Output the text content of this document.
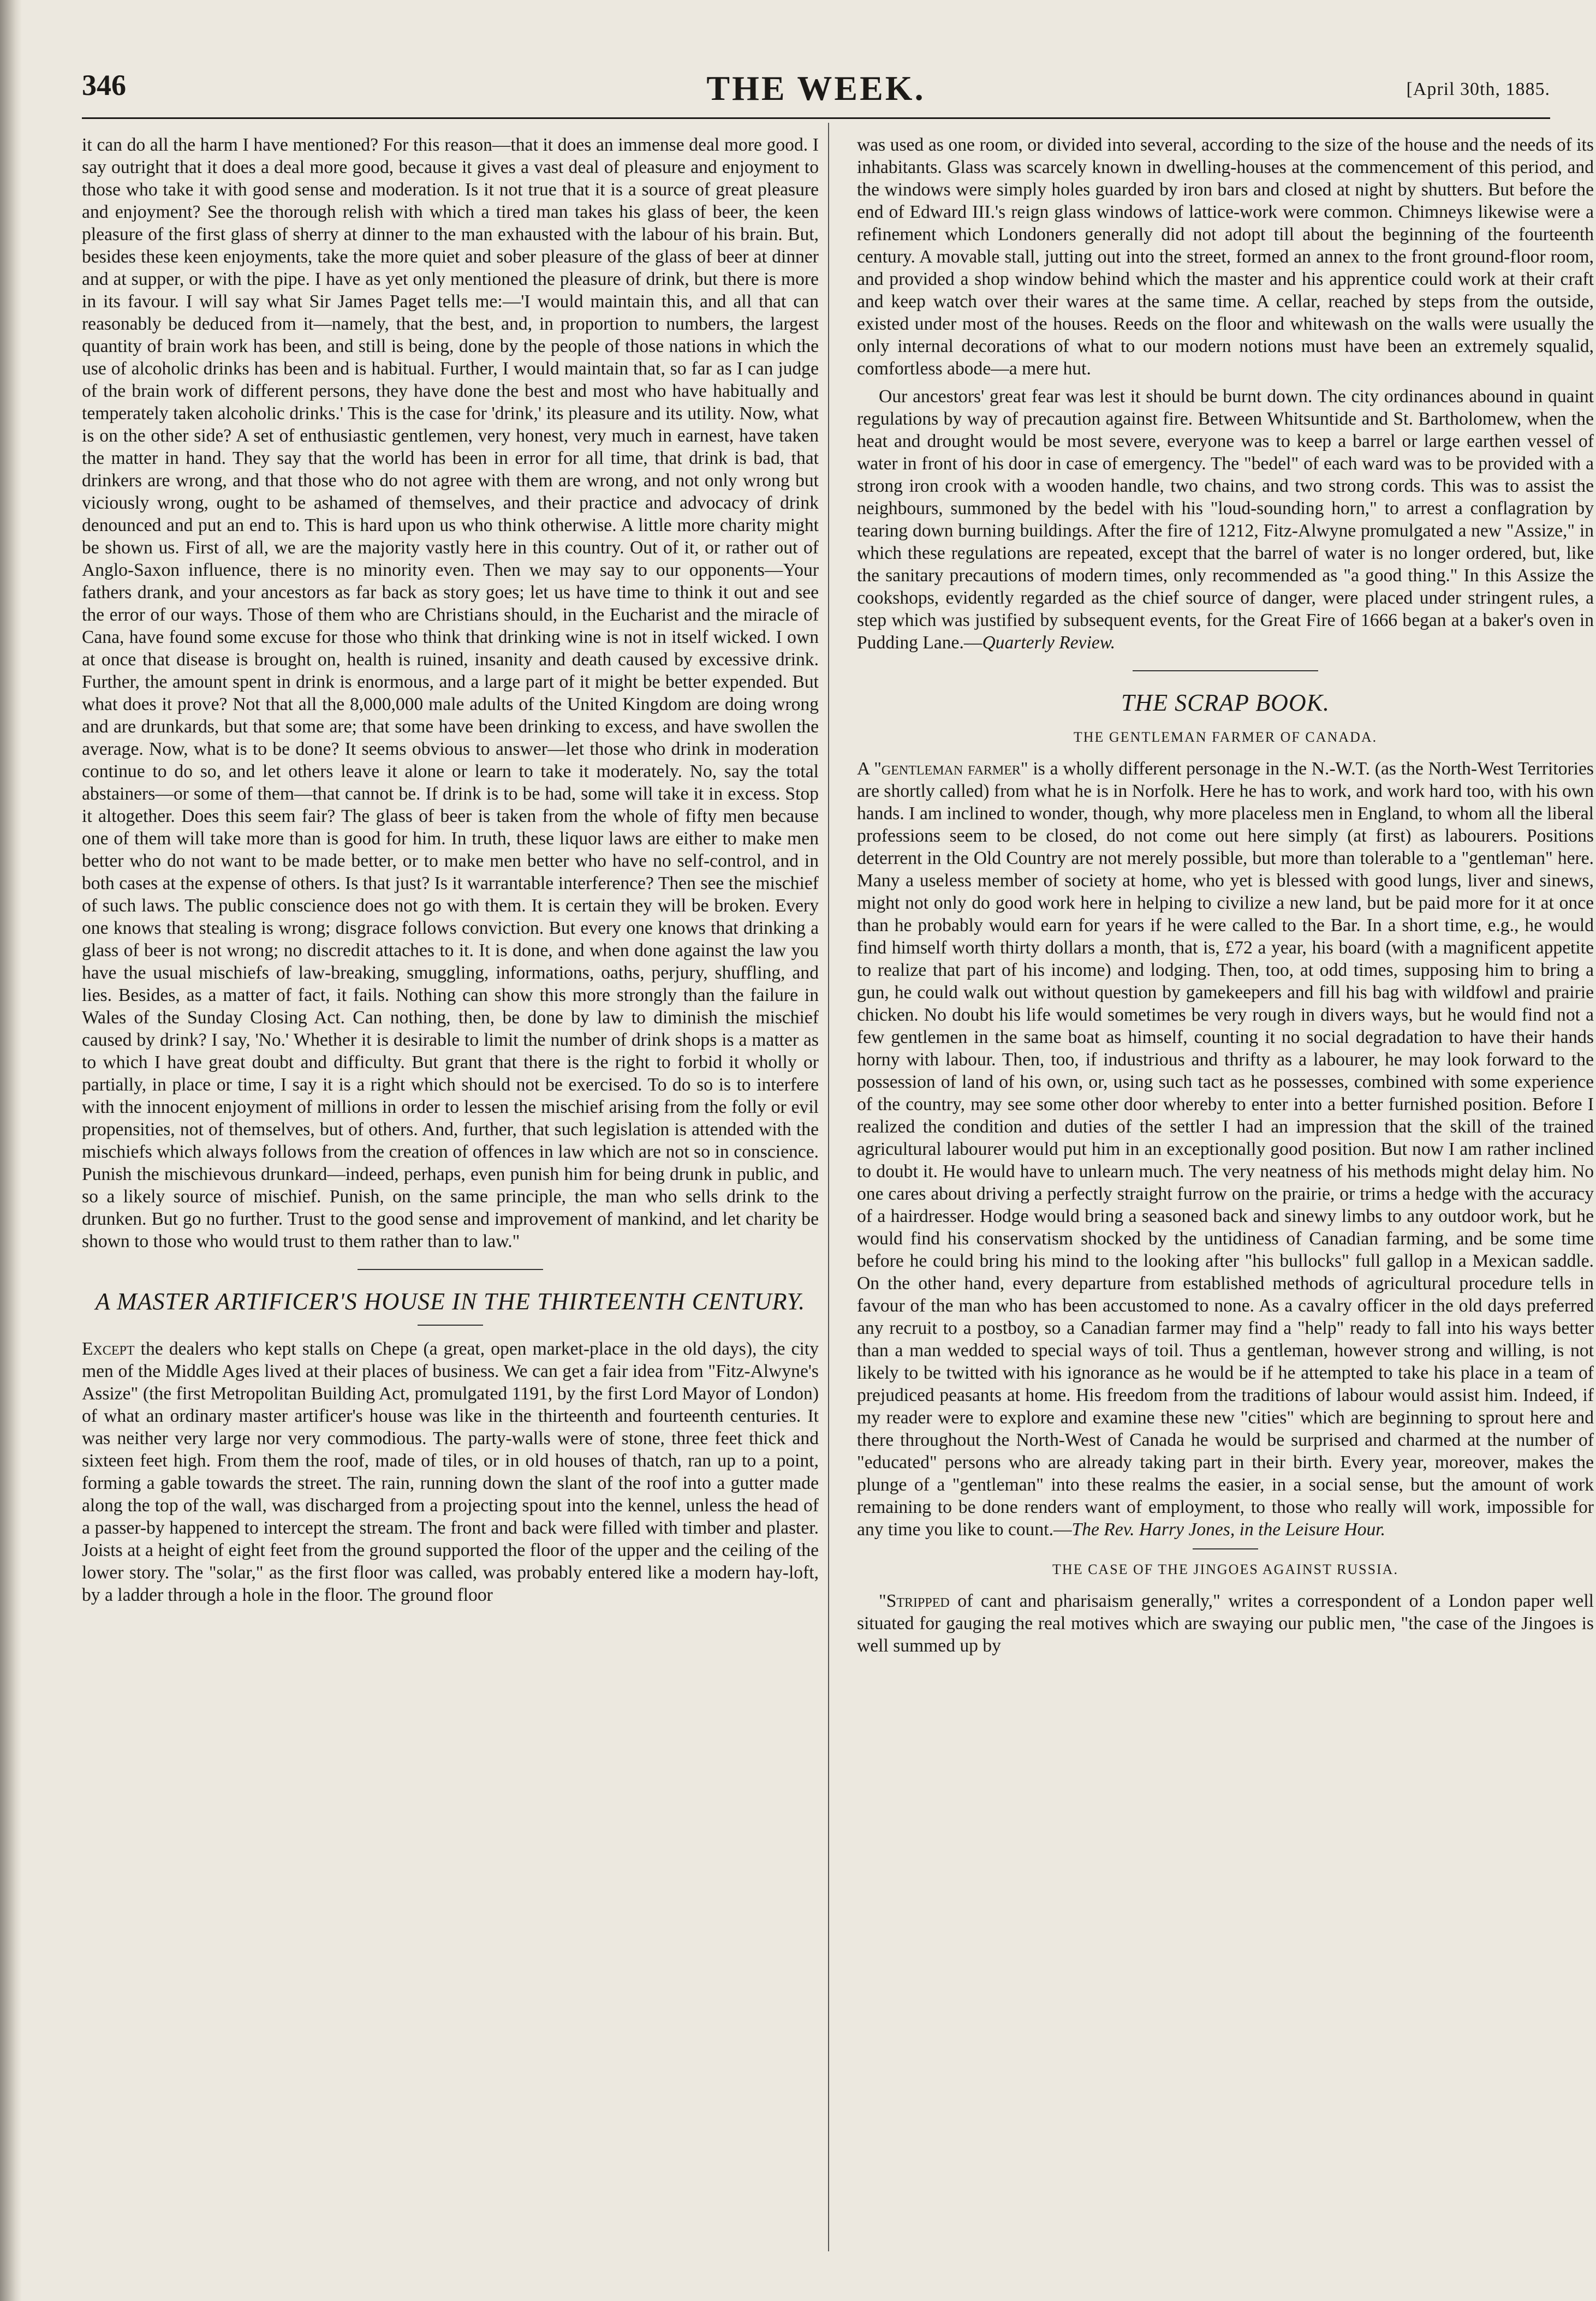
346	THE WEEK.	[April 30th, 1885.

it can do all the harm I have mentioned? For this reason—that it does an immense deal more good. I say outright that it does a deal more good, because it gives a vast deal of pleasure and enjoyment to those who take it with good sense and moderation. Is it not true that it is a source of great pleasure and enjoyment? See the thorough relish with which a tired man takes his glass of beer, the keen pleasure of the first glass of sherry at dinner to the man exhausted with the labour of his brain. But, besides these keen enjoyments, take the more quiet and sober pleasure of the glass of beer at dinner and at supper, or with the pipe. I have as yet only mentioned the pleasure of drink, but there is more in its favour. I will say what Sir James Paget tells me:—'I would maintain this, and all that can reasonably be deduced from it—namely, that the best, and, in proportion to numbers, the largest quantity of brain work has been, and still is being, done by the people of those nations in which the use of alcoholic drinks has been and is habitual. Further, I would maintain that, so far as I can judge of the brain work of different persons, they have done the best and most who have habitually and temperately taken alcoholic drinks.' This is the case for 'drink,' its pleasure and its utility. Now, what is on the other side? A set of enthusiastic gentlemen, very honest, very much in earnest, have taken the matter in hand. They say that the world has been in error for all time, that drink is bad, that drinkers are wrong, and that those who do not agree with them are wrong, and not only wrong but viciously wrong, ought to be ashamed of themselves, and their practice and advocacy of drink denounced and put an end to. This is hard upon us who think otherwise. A little more charity might be shown us. First of all, we are the majority vastly here in this country. Out of it, or rather out of Anglo-Saxon influence, there is no minority even. Then we may say to our opponents—Your fathers drank, and your ancestors as far back as story goes; let us have time to think it out and see the error of our ways. Those of them who are Christians should, in the Eucharist and the miracle of Cana, have found some excuse for those who think that drinking wine is not in itself wicked. I own at once that disease is brought on, health is ruined, insanity and death caused by excessive drink. Further, the amount spent in drink is enormous, and a large part of it might be better expended. But what does it prove? Not that all the 8,000,000 male adults of the United Kingdom are doing wrong and are drunkards, but that some are; that some have been drinking to excess, and have swollen the average. Now, what is to be done? It seems obvious to answer—let those who drink in moderation continue to do so, and let others leave it alone or learn to take it moderately. No, say the total abstainers—or some of them—that cannot be. If drink is to be had, some will take it in excess. Stop it altogether. Does this seem fair? The glass of beer is taken from the whole of fifty men because one of them will take more than is good for him. In truth, these liquor laws are either to make men better who do not want to be made better, or to make men better who have no self-control, and in both cases at the expense of others. Is that just? Is it warrantable interference? Then see the mischief of such laws. The public conscience does not go with them. It is certain they will be broken. Every one knows that stealing is wrong; disgrace follows conviction. But every one knows that drinking a glass of beer is not wrong; no discredit attaches to it. It is done, and when done against the law you have the usual mischiefs of law-breaking, smuggling, informations, oaths, perjury, shuffling, and lies. Besides, as a matter of fact, it fails. Nothing can show this more strongly than the failure in Wales of the Sunday Closing Act. Can nothing, then, be done by law to diminish the mischief caused by drink? I say, 'No.' Whether it is desirable to limit the number of drink shops is a matter as to which I have great doubt and difficulty. But grant that there is the right to forbid it wholly or partially, in place or time, I say it is a right which should not be exercised. To do so is to interfere with the innocent enjoyment of millions in order to lessen the mischief arising from the folly or evil propensities, not of themselves, but of others. And, further, that such legislation is attended with the mischiefs which always follows from the creation of offences in law which are not so in conscience. Punish the mischievous drunkard—indeed, perhaps, even punish him for being drunk in public, and so a likely source of mischief. Punish, on the same principle, the man who sells drink to the drunken. But go no further. Trust to the good sense and improvement of mankind, and let charity be shown to those who would trust to them rather than to law."

A MASTER ARTIFICER'S HOUSE IN THE THIRTEENTH CENTURY.

Except the dealers who kept stalls on Chepe (a great, open market-place in the old days), the city men of the Middle Ages lived at their places of business. We can get a fair idea from "Fitz-Alwyne's Assize" (the first Metropolitan Building Act, promulgated 1191, by the first Lord Mayor of London) of what an ordinary master artificer's house was like in the thirteenth and fourteenth centuries. It was neither very large nor very commodious. The party-walls were of stone, three feet thick and sixteen feet high. From them the roof, made of tiles, or in old houses of thatch, ran up to a point, forming a gable towards the street. The rain, running down the slant of the roof into a gutter made along the top of the wall, was discharged from a projecting spout into the kennel, unless the head of a passer-by happened to intercept the stream. The front and back were filled with timber and plaster. Joists at a height of eight feet from the ground supported the floor of the upper and the ceiling of the lower story. The "solar," as the first floor was called, was probably entered like a modern hay-loft, by a ladder through a hole in the floor. The ground floor

was used as one room, or divided into several, according to the size of the house and the needs of its inhabitants. Glass was scarcely known in dwelling-houses at the commencement of this period, and the windows were simply holes guarded by iron bars and closed at night by shutters. But before the end of Edward III.'s reign glass windows of lattice-work were common. Chimneys likewise were a refinement which Londoners generally did not adopt till about the beginning of the fourteenth century. A movable stall, jutting out into the street, formed an annex to the front ground-floor room, and provided a shop window behind which the master and his apprentice could work at their craft and keep watch over their wares at the same time. A cellar, reached by steps from the outside, existed under most of the houses. Reeds on the floor and whitewash on the walls were usually the only internal decorations of what to our modern notions must have been an extremely squalid, comfortless abode—a mere hut.

Our ancestors' great fear was lest it should be burnt down. The city ordinances abound in quaint regulations by way of precaution against fire. Between Whitsuntide and St. Bartholomew, when the heat and drought would be most severe, everyone was to keep a barrel or large earthen vessel of water in front of his door in case of emergency. The "bedel" of each ward was to be provided with a strong iron crook with a wooden handle, two chains, and two strong cords. This was to assist the neighbours, summoned by the bedel with his "loud-sounding horn," to arrest a conflagration by tearing down burning buildings. After the fire of 1212, Fitz-Alwyne promulgated a new "Assize," in which these regulations are repeated, except that the barrel of water is no longer ordered, but, like the sanitary precautions of modern times, only recommended as "a good thing." In this Assize the cookshops, evidently regarded as the chief source of danger, were placed under stringent rules, a step which was justified by subsequent events, for the Great Fire of 1666 began at a baker's oven in Pudding Lane.—Quarterly Review.

THE SCRAP BOOK.
THE GENTLEMAN FARMER OF CANADA.

A "gentleman farmer" is a wholly different personage in the N.-W.T. (as the North-West Territories are shortly called) from what he is in Norfolk. Here he has to work, and work hard too, with his own hands. I am inclined to wonder, though, why more placeless men in England, to whom all the liberal professions seem to be closed, do not come out here simply (at first) as labourers. Positions deterrent in the Old Country are not merely possible, but more than tolerable to a "gentleman" here. Many a useless member of society at home, who yet is blessed with good lungs, liver and sinews, might not only do good work here in helping to civilize a new land, but be paid more for it at once than he probably would earn for years if he were called to the Bar. In a short time, e.g., he would find himself worth thirty dollars a month, that is, £72 a year, his board (with a magnificent appetite to realize that part of his income) and lodging. Then, too, at odd times, supposing him to bring a gun, he could walk out without question by gamekeepers and fill his bag with wildfowl and prairie chicken. No doubt his life would sometimes be very rough in divers ways, but he would find not a few gentlemen in the same boat as himself, counting it no social degradation to have their hands horny with labour. Then, too, if industrious and thrifty as a labourer, he may look forward to the possession of land of his own, or, using such tact as he possesses, combined with some experience of the country, may see some other door whereby to enter into a better furnished position. Before I realized the condition and duties of the settler I had an impression that the skill of the trained agricultural labourer would put him in an exceptionally good position. But now I am rather inclined to doubt it. He would have to unlearn much. The very neatness of his methods might delay him. No one cares about driving a perfectly straight furrow on the prairie, or trims a hedge with the accuracy of a hairdresser. Hodge would bring a seasoned back and sinewy limbs to any outdoor work, but he would find his conservatism shocked by the untidiness of Canadian farming, and be some time before he could bring his mind to the looking after "his bullocks" full gallop in a Mexican saddle. On the other hand, every departure from established methods of agricultural procedure tells in favour of the man who has been accustomed to none. As a cavalry officer in the old days preferred any recruit to a postboy, so a Canadian farmer may find a "help" ready to fall into his ways better than a man wedded to special ways of toil. Thus a gentleman, however strong and willing, is not likely to be twitted with his ignorance as he would be if he attempted to take his place in a team of prejudiced peasants at home. His freedom from the traditions of labour would assist him. Indeed, if my reader were to explore and examine these new "cities" which are beginning to sprout here and there throughout the North-West of Canada he would be surprised and charmed at the number of "educated" persons who are already taking part in their birth. Every year, moreover, makes the plunge of a "gentleman" into these realms the easier, in a social sense, but the amount of work remaining to be done renders want of employment, to those who really will work, impossible for any time you like to count.—The Rev. Harry Jones, in the Leisure Hour.

THE CASE OF THE JINGOES AGAINST RUSSIA.

"Stripped of cant and pharisaism generally," writes a correspondent of a London paper well situated for gauging the real motives which are swaying our public men, "the case of the Jingoes is well summed up by
